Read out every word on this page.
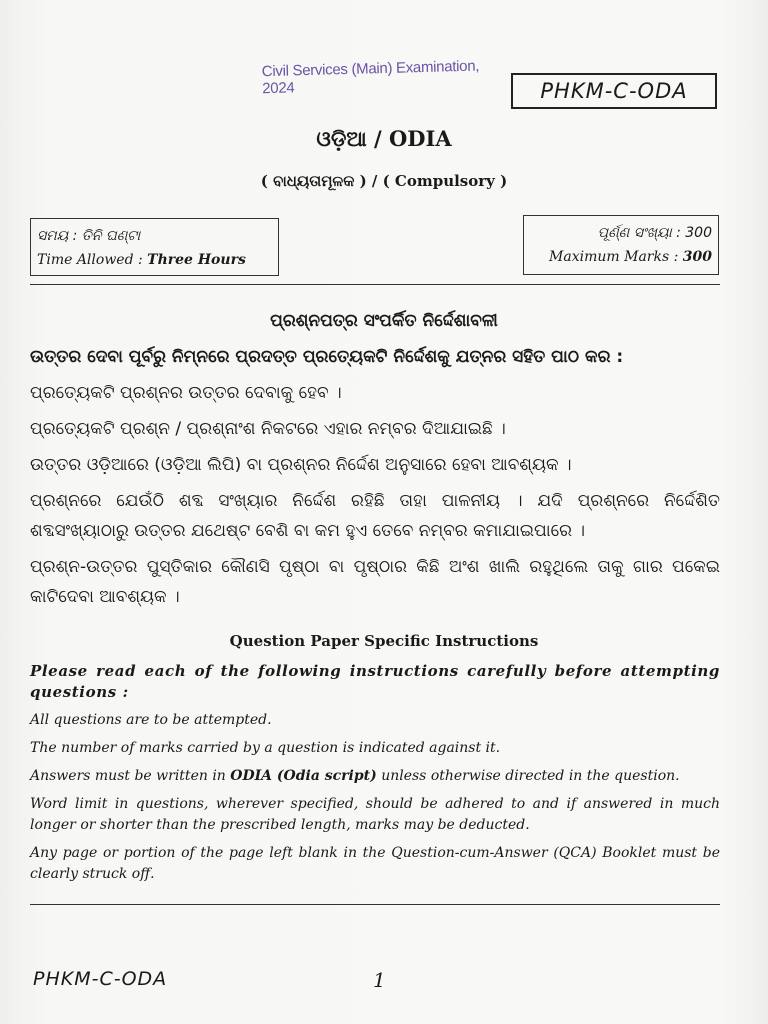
Civil Services (Main) Examination, 2024	PHKM-C-ODA
ଓଡ଼ିଆ / ODIA
( ବାଧ୍ୟତାମୂଳକ ) / ( Compulsory )
ସମୟ : ତିନି ଘଣ୍ଟା
Time Allowed : Three Hours
ପୂର୍ଣ୍ଣ ସଂଖ୍ୟା : 300
Maximum Marks : 300
ପ୍ରଶ୍ନପତ୍ର ସଂପର୍କିତ ନିର୍ଦ୍ଦେଶାବଳୀ

ଉତ୍ତର ଦେବା ପୂର୍ବରୁ ନିମ୍ନରେ ପ୍ରଦତ୍ତ ପ୍ରତ୍ୟେକଟି ନିର୍ଦ୍ଦେଶକୁ ଯତ୍ନର ସହିତ ପାଠ କର :

ପ୍ରତ୍ୟେକଟି ପ୍ରଶ୍ନର ଉତ୍ତର ଦେବାକୁ ହେବ ।

ପ୍ରତ୍ୟେକଟି ପ୍ରଶ୍ନ / ପ୍ରଶ୍ନାଂଶ ନିକଟରେ ଏହାର ନମ୍ବର ଦିଆଯାଇଛି ।

ଉତ୍ତର ଓଡ଼ିଆରେ (ଓଡ଼ିଆ ଲିପି) ବା ପ୍ରଶ୍ନର ନିର୍ଦ୍ଦେଶ ଅନୁସାରେ ହେବା ଆବଶ୍ୟକ ।

ପ୍ରଶ୍ନରେ ଯେଉଁଠି ଶବ୍ଦ ସଂଖ୍ୟାର ନିର୍ଦ୍ଦେଶ ରହିଛି ତାହା ପାଳନୀୟ । ଯଦି ପ୍ରଶ୍ନରେ ନିର୍ଦ୍ଦେଶିତ ଶବ୍ଦସଂଖ୍ୟାଠାରୁ ଉତ୍ତର ଯଥେଷ୍ଟ ବେଶି ବା କମ ହୁଏ ତେବେ ନମ୍ବର କମାଯାଇପାରେ ।

ପ୍ରଶ୍ନ-ଉତ୍ତର ପୁସ୍ତିକାର କୌଣସି ପୃଷ୍ଠା ବା ପୃଷ୍ଠାର କିଛି ଅଂଶ ଖାଲି ରହୁଥିଲେ ତାକୁ ଗାର ପକେଇ କାଟିଦେବା ଆବଶ୍ୟକ ।

Question Paper Specific Instructions

Please read each of the following instructions carefully before attempting questions :

All questions are to be attempted.

The number of marks carried by a question is indicated against it.

Answers must be written in ODIA (Odia script) unless otherwise directed in the question.

Word limit in questions, wherever specified, should be adhered to and if answered in much longer or shorter than the prescribed length, marks may be deducted.

Any page or portion of the page left blank in the Question-cum-Answer (QCA) Booklet must be clearly struck off.

PHKM-C-ODA	1
